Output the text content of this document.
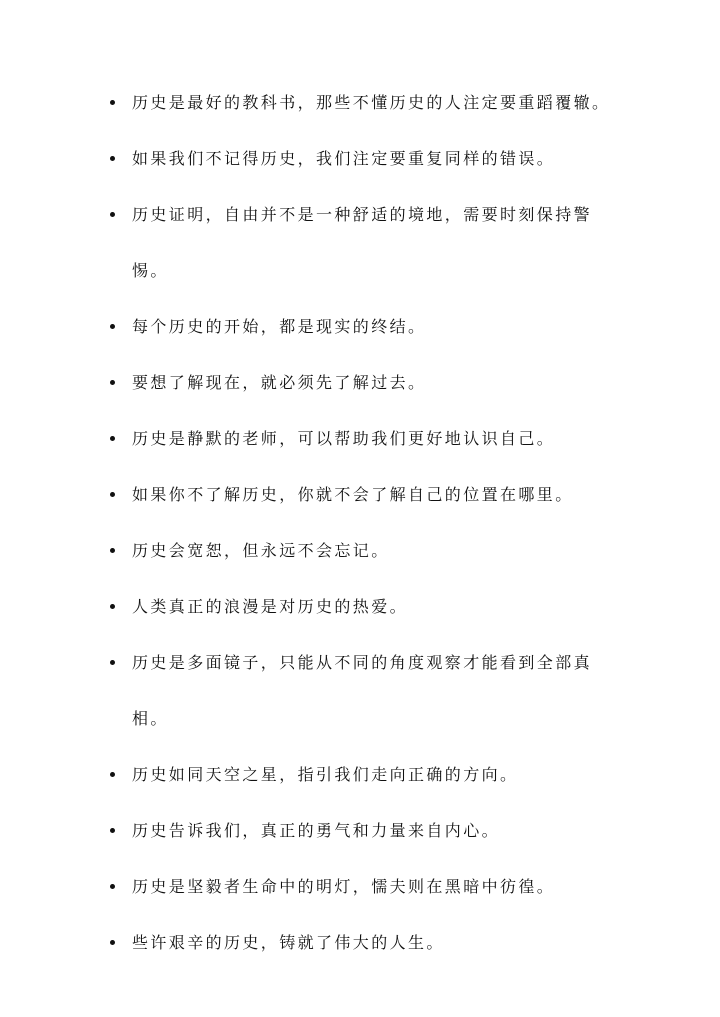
历史是最好的教科书，那些不懂历史的人注定要重蹈覆辙。
如果我们不记得历史，我们注定要重复同样的错误。
历史证明，自由并不是一种舒适的境地，需要时刻保持警惕。
每个历史的开始，都是现实的终结。
要想了解现在，就必须先了解过去。
历史是静默的老师，可以帮助我们更好地认识自己。
如果你不了解历史，你就不会了解自己的位置在哪里。
历史会宽恕，但永远不会忘记。
人类真正的浪漫是对历史的热爱。
历史是多面镜子，只能从不同的角度观察才能看到全部真相。
历史如同天空之星，指引我们走向正确的方向。
历史告诉我们，真正的勇气和力量来自内心。
历史是坚毅者生命中的明灯，懦夫则在黑暗中彷徨。
些许艰辛的历史，铸就了伟大的人生。
